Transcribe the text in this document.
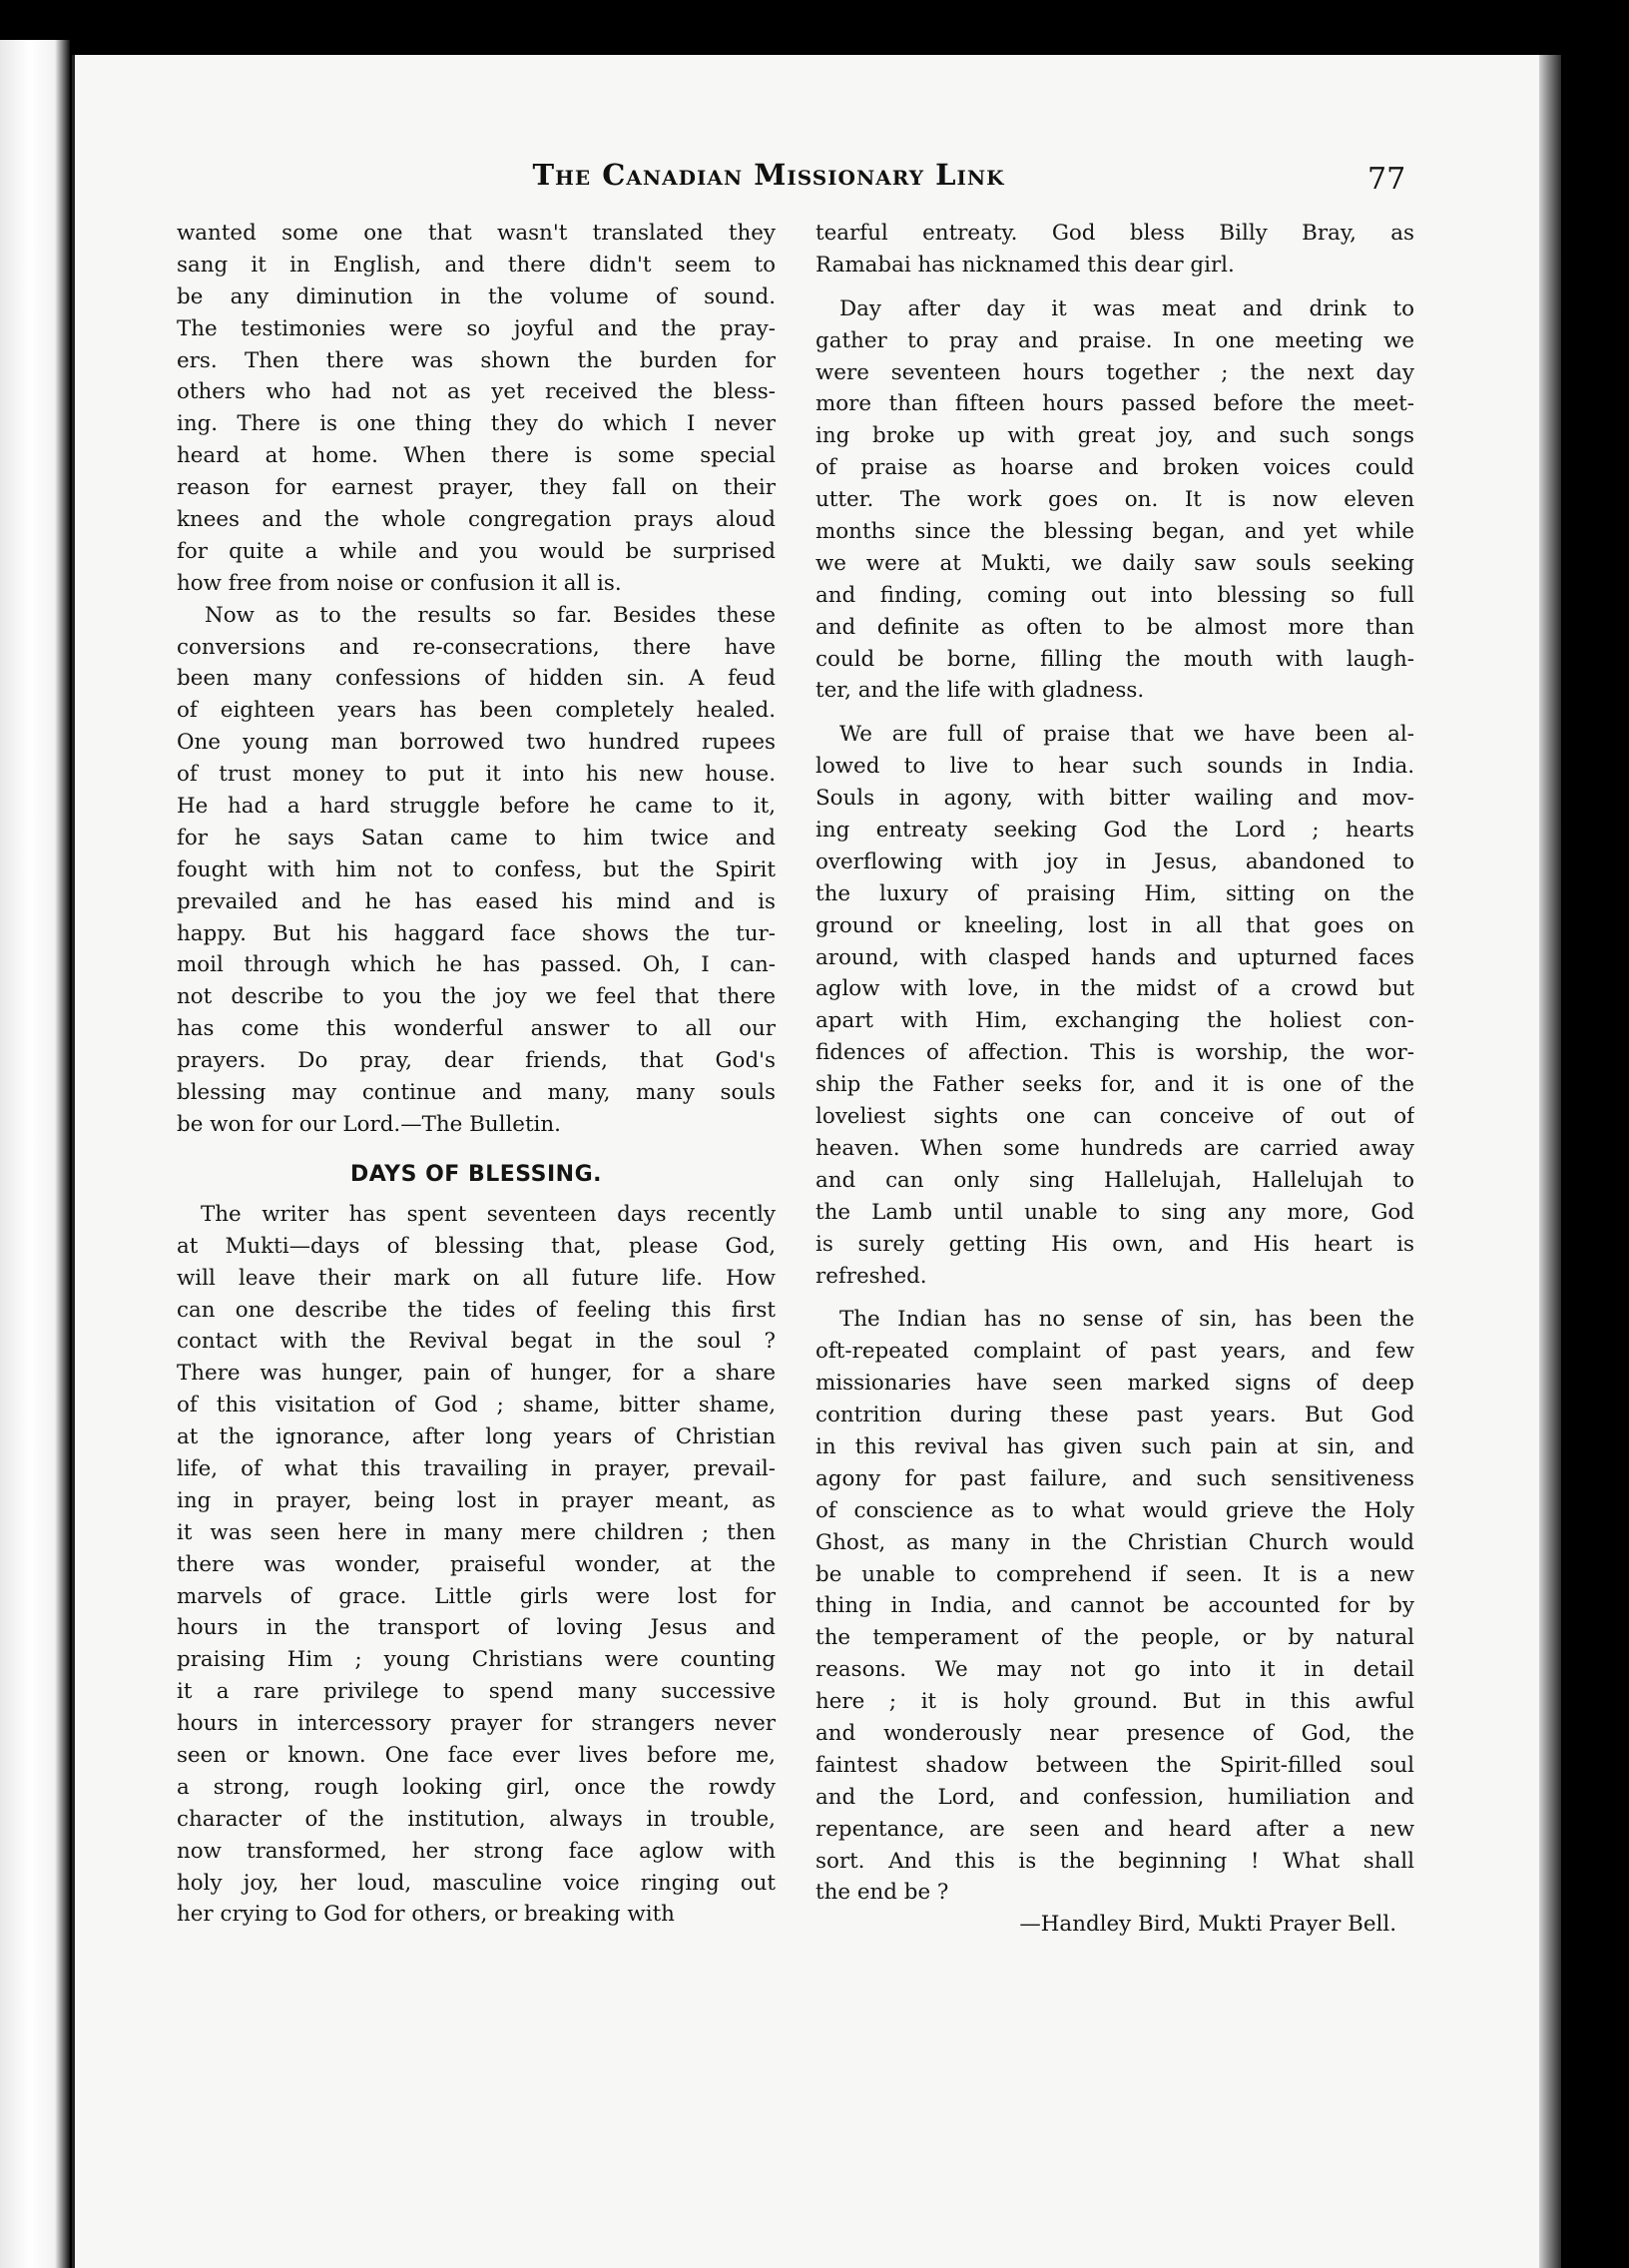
The Canadian Missionary Link	77
wanted some one that wasn't translated they
sang it in English, and there didn't seem to
be any diminution in the volume of sound.
The testimonies were so joyful and the pray-
ers. Then there was shown the burden for
others who had not as yet received the bless-
ing. There is one thing they do which I never
heard at home. When there is some special
reason for earnest prayer, they fall on their
knees and the whole congregation prays aloud
for quite a while and you would be surprised
how free from noise or confusion it all is.
Now as to the results so far. Besides these
conversions and re-consecrations, there have
been many confessions of hidden sin. A feud
of eighteen years has been completely healed.
One young man borrowed two hundred rupees
of trust money to put it into his new house.
He had a hard struggle before he came to it,
for he says Satan came to him twice and
fought with him not to confess, but the Spirit
prevailed and he has eased his mind and is
happy. But his haggard face shows the tur-
moil through which he has passed. Oh, I can-
not describe to you the joy we feel that there
has come this wonderful answer to all our
prayers. Do pray, dear friends, that God's
blessing may continue and many, many souls
be won for our Lord.—The Bulletin.
DAYS OF BLESSING.
The writer has spent seventeen days recently
at Mukti—days of blessing that, please God,
will leave their mark on all future life. How
can one describe the tides of feeling this first
contact with the Revival begat in the soul ?
There was hunger, pain of hunger, for a share
of this visitation of God ; shame, bitter shame,
at the ignorance, after long years of Christian
life, of what this travailing in prayer, prevail-
ing in prayer, being lost in prayer meant, as
it was seen here in many mere children ; then
there was wonder, praiseful wonder, at the
marvels of grace. Little girls were lost for
hours in the transport of loving Jesus and
praising Him ; young Christians were counting
it a rare privilege to spend many successive
hours in intercessory prayer for strangers never
seen or known. One face ever lives before me,
a strong, rough looking girl, once the rowdy
character of the institution, always in trouble,
now transformed, her strong face aglow with
holy joy, her loud, masculine voice ringing out
her crying to God for others, or breaking with
tearful entreaty. God bless Billy Bray, as
Ramabai has nicknamed this dear girl.
Day after day it was meat and drink to
gather to pray and praise. In one meeting we
were seventeen hours together ; the next day
more than fifteen hours passed before the meet-
ing broke up with great joy, and such songs
of praise as hoarse and broken voices could
utter. The work goes on. It is now eleven
months since the blessing began, and yet while
we were at Mukti, we daily saw souls seeking
and finding, coming out into blessing so full
and definite as often to be almost more than
could be borne, filling the mouth with laugh-
ter, and the life with gladness.
We are full of praise that we have been al-
lowed to live to hear such sounds in India.
Souls in agony, with bitter wailing and mov-
ing entreaty seeking God the Lord ; hearts
overflowing with joy in Jesus, abandoned to
the luxury of praising Him, sitting on the
ground or kneeling, lost in all that goes on
around, with clasped hands and upturned faces
aglow with love, in the midst of a crowd but
apart with Him, exchanging the holiest con-
fidences of affection. This is worship, the wor-
ship the Father seeks for, and it is one of the
loveliest sights one can conceive of out of
heaven. When some hundreds are carried away
and can only sing Hallelujah, Hallelujah to
the Lamb until unable to sing any more, God
is surely getting His own, and His heart is
refreshed.
The Indian has no sense of sin, has been the
oft-repeated complaint of past years, and few
missionaries have seen marked signs of deep
contrition during these past years. But God
in this revival has given such pain at sin, and
agony for past failure, and such sensitiveness
of conscience as to what would grieve the Holy
Ghost, as many in the Christian Church would
be unable to comprehend if seen. It is a new
thing in India, and cannot be accounted for by
the temperament of the people, or by natural
reasons. We may not go into it in detail
here ; it is holy ground. But in this awful
and wonderously near presence of God, the
faintest shadow between the Spirit-filled soul
and the Lord, and confession, humiliation and
repentance, are seen and heard after a new
sort. And this is the beginning ! What shall
the end be ?
—Handley Bird, Mukti Prayer Bell.
